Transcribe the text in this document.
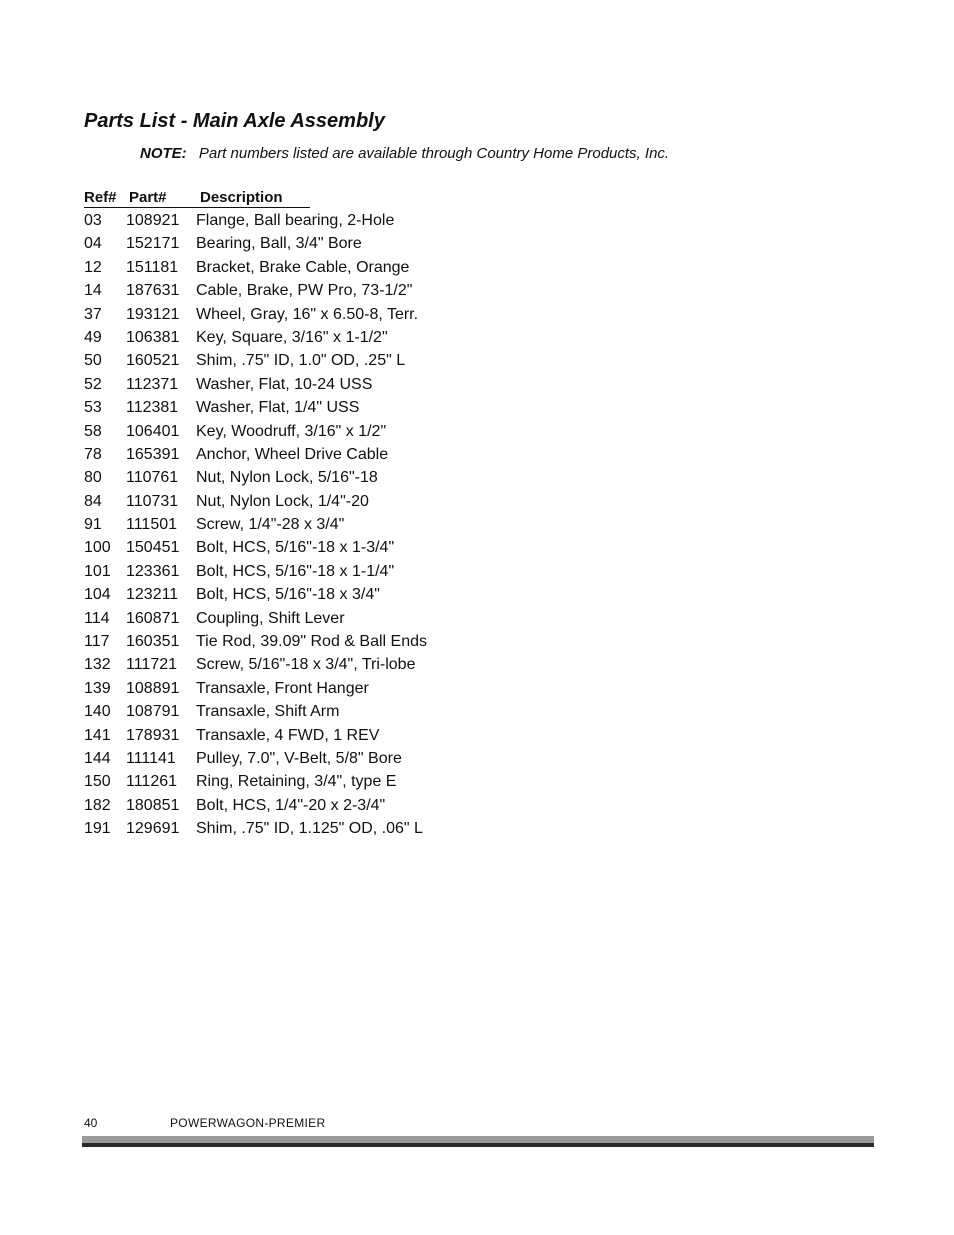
Parts List - Main Axle Assembly
NOTE: Part numbers listed are available through Country Home Products, Inc.
Ref# Part# Description
03 108921 Flange, Ball bearing, 2-Hole
04 152171 Bearing, Ball, 3/4" Bore
12 151181 Bracket, Brake Cable, Orange
14 187631 Cable, Brake, PW Pro, 73-1/2"
37 193121 Wheel, Gray, 16" x 6.50-8, Terr.
49 106381 Key, Square, 3/16" x 1-1/2"
50 160521 Shim, .75" ID, 1.0" OD, .25" L
52 112371 Washer, Flat, 10-24 USS
53 112381 Washer, Flat, 1/4" USS
58 106401 Key, Woodruff, 3/16" x 1/2"
78 165391 Anchor, Wheel Drive Cable
80 110761 Nut, Nylon Lock, 5/16"-18
84 110731 Nut, Nylon Lock, 1/4"-20
91 111501 Screw, 1/4"-28 x 3/4"
100 150451 Bolt, HCS, 5/16"-18 x 1-3/4"
101 123361 Bolt, HCS, 5/16"-18 x 1-1/4"
104 123211 Bolt, HCS, 5/16"-18 x 3/4"
114 160871 Coupling, Shift Lever
117 160351 Tie Rod, 39.09" Rod & Ball Ends
132 111721 Screw, 5/16"-18 x 3/4", Tri-lobe
139 108891 Transaxle, Front Hanger
140 108791 Transaxle, Shift Arm
141 178931 Transaxle, 4 FWD, 1 REV
144 111141 Pulley, 7.0", V-Belt, 5/8" Bore
150 111261 Ring, Retaining, 3/4", type E
182 180851 Bolt, HCS, 1/4"-20 x 2-3/4"
191 129691 Shim, .75" ID, 1.125" OD, .06" L
40	POWERWAGON-PREMIER
